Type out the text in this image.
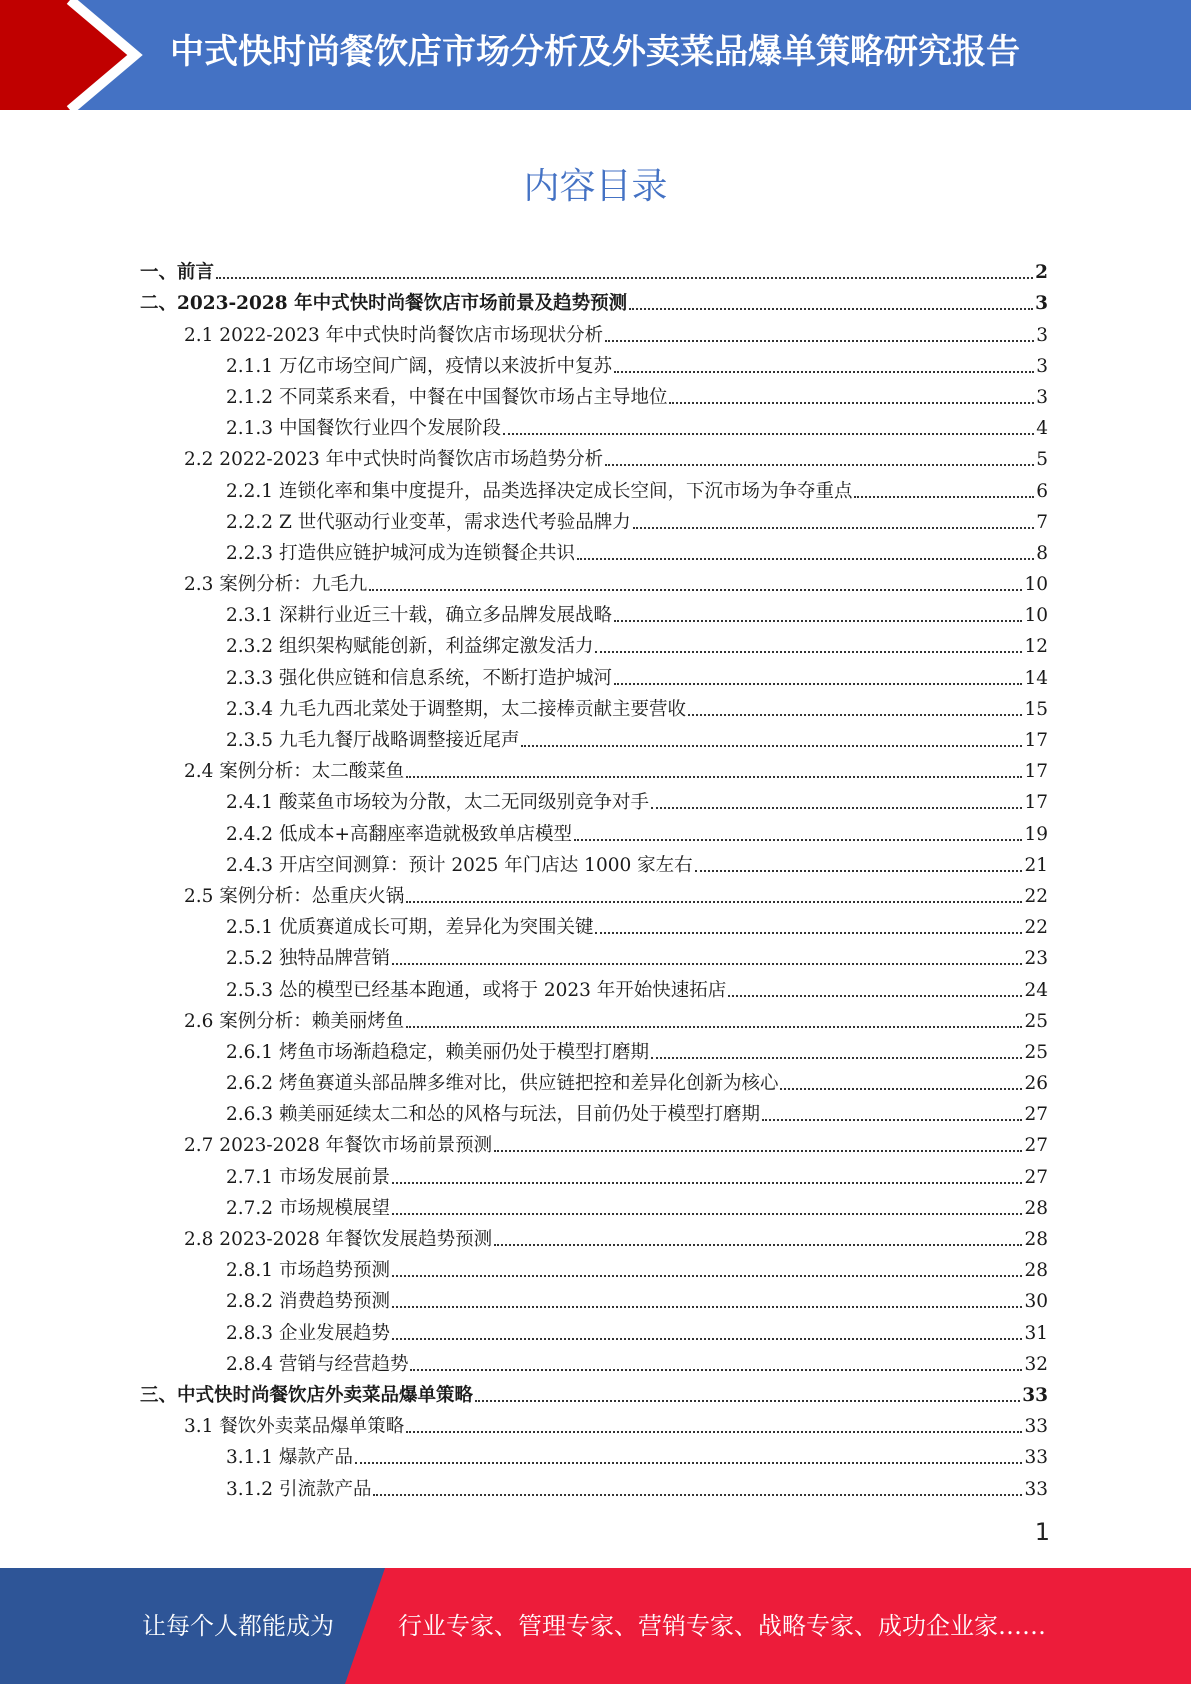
中式快时尚餐饮店市场分析及外卖菜品爆单策略研究报告
内容目录
一、前言	2
二、2023-2028 年中式快时尚餐饮店市场前景及趋势预测	3
2.1 2022-2023 年中式快时尚餐饮店市场现状分析	3
2.1.1 万亿市场空间广阔，疫情以来波折中复苏	3
2.1.2 不同菜系来看，中餐在中国餐饮市场占主导地位	3
2.1.3 中国餐饮行业四个发展阶段	4
2.2 2022-2023 年中式快时尚餐饮店市场趋势分析	5
2.2.1 连锁化率和集中度提升，品类选择决定成长空间，下沉市场为争夺重点	6
2.2.2 Z 世代驱动行业变革，需求迭代考验品牌力	7
2.2.3 打造供应链护城河成为连锁餐企共识	8
2.3 案例分析：九毛九	10
2.3.1 深耕行业近三十载，确立多品牌发展战略	10
2.3.2 组织架构赋能创新，利益绑定激发活力	12
2.3.3 强化供应链和信息系统，不断打造护城河	14
2.3.4 九毛九西北菜处于调整期，太二接棒贡献主要营收	15
2.3.5 九毛九餐厅战略调整接近尾声	17
2.4 案例分析：太二酸菜鱼	17
2.4.1 酸菜鱼市场较为分散，太二无同级别竞争对手	17
2.4.2 低成本+高翻座率造就极致单店模型	19
2.4.3 开店空间测算：预计 2025 年门店达 1000 家左右	21
2.5 案例分析：怂重庆火锅	22
2.5.1 优质赛道成长可期，差异化为突围关键	22
2.5.2 独特品牌营销	23
2.5.3 怂的模型已经基本跑通，或将于 2023 年开始快速拓店	24
2.6 案例分析：赖美丽烤鱼	25
2.6.1 烤鱼市场渐趋稳定，赖美丽仍处于模型打磨期	25
2.6.2 烤鱼赛道头部品牌多维对比，供应链把控和差异化创新为核心	26
2.6.3 赖美丽延续太二和怂的风格与玩法，目前仍处于模型打磨期	27
2.7 2023-2028 年餐饮市场前景预测	27
2.7.1 市场发展前景	27
2.7.2 市场规模展望	28
2.8 2023-2028 年餐饮发展趋势预测	28
2.8.1 市场趋势预测	28
2.8.2 消费趋势预测	30
2.8.3 企业发展趋势	31
2.8.4 营销与经营趋势	32
三、中式快时尚餐饮店外卖菜品爆单策略	33
3.1 餐饮外卖菜品爆单策略	33
3.1.1 爆款产品	33
3.1.2 引流款产品	33
1
让每个人都能成为	行业专家、管理专家、营销专家、战略专家、成功企业家……
